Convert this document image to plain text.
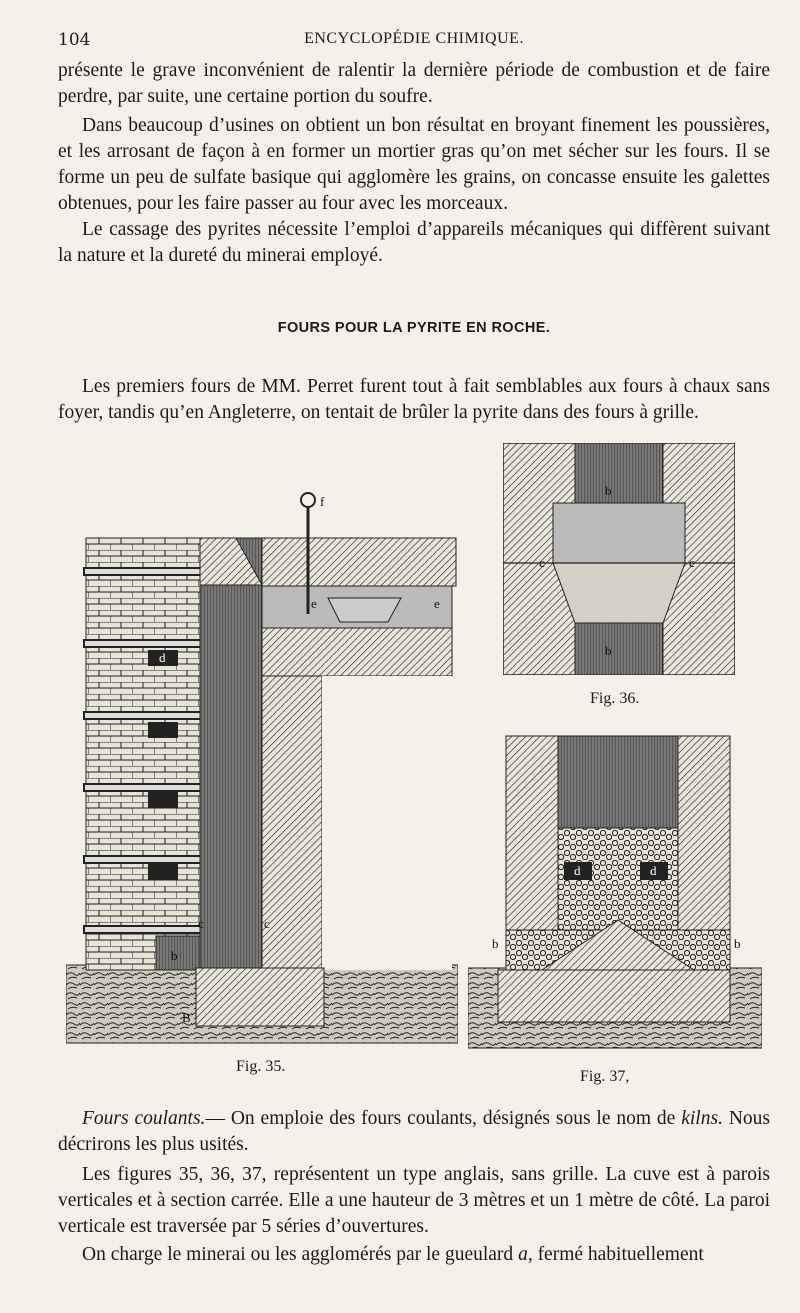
104	ENCYCLOPÉDIE CHIMIQUE.

présente le grave inconvénient de ralentir la dernière période de combustion et de faire perdre, par suite, une certaine portion du soufre.

Dans beaucoup d’usines on obtient un bon résultat en broyant finement les poussières, et les arrosant de façon à en former un mortier gras qu’on met sécher sur les fours. Il se forme un peu de sulfate basique qui agglomère les grains, on concasse ensuite les galettes obtenues, pour les faire passer au four avec les morceaux.

Le cassage des pyrites nécessite l’emploi d’appareils mécaniques qui diffèrent suivant la nature et la dureté du minerai employé.

FOURS POUR LA PYRITE EN ROCHE.

Les premiers fours de MM. Perret furent tout à fait semblables aux fours à chaux sans foyer, tandis qu’en Angleterre, on tentait de brûler la pyrite dans des fours à grille.

d
b
f
e	e
c	c
B
Fig. 35.
b
b
c	c
Fig. 36.
d	d
b	b
Fig. 37,

Fours coulants.— On emploie des fours coulants, désignés sous le nom de kilns. Nous décrirons les plus usités.

Les figures 35, 36, 37, représentent un type anglais, sans grille. La cuve est à parois verticales et à section carrée. Elle a une hauteur de 3 mètres et un 1 mètre de côté. La paroi verticale est traversée par 5 séries d’ouvertures.

On charge le minerai ou les agglomérés par le gueulard a, fermé habituellement
